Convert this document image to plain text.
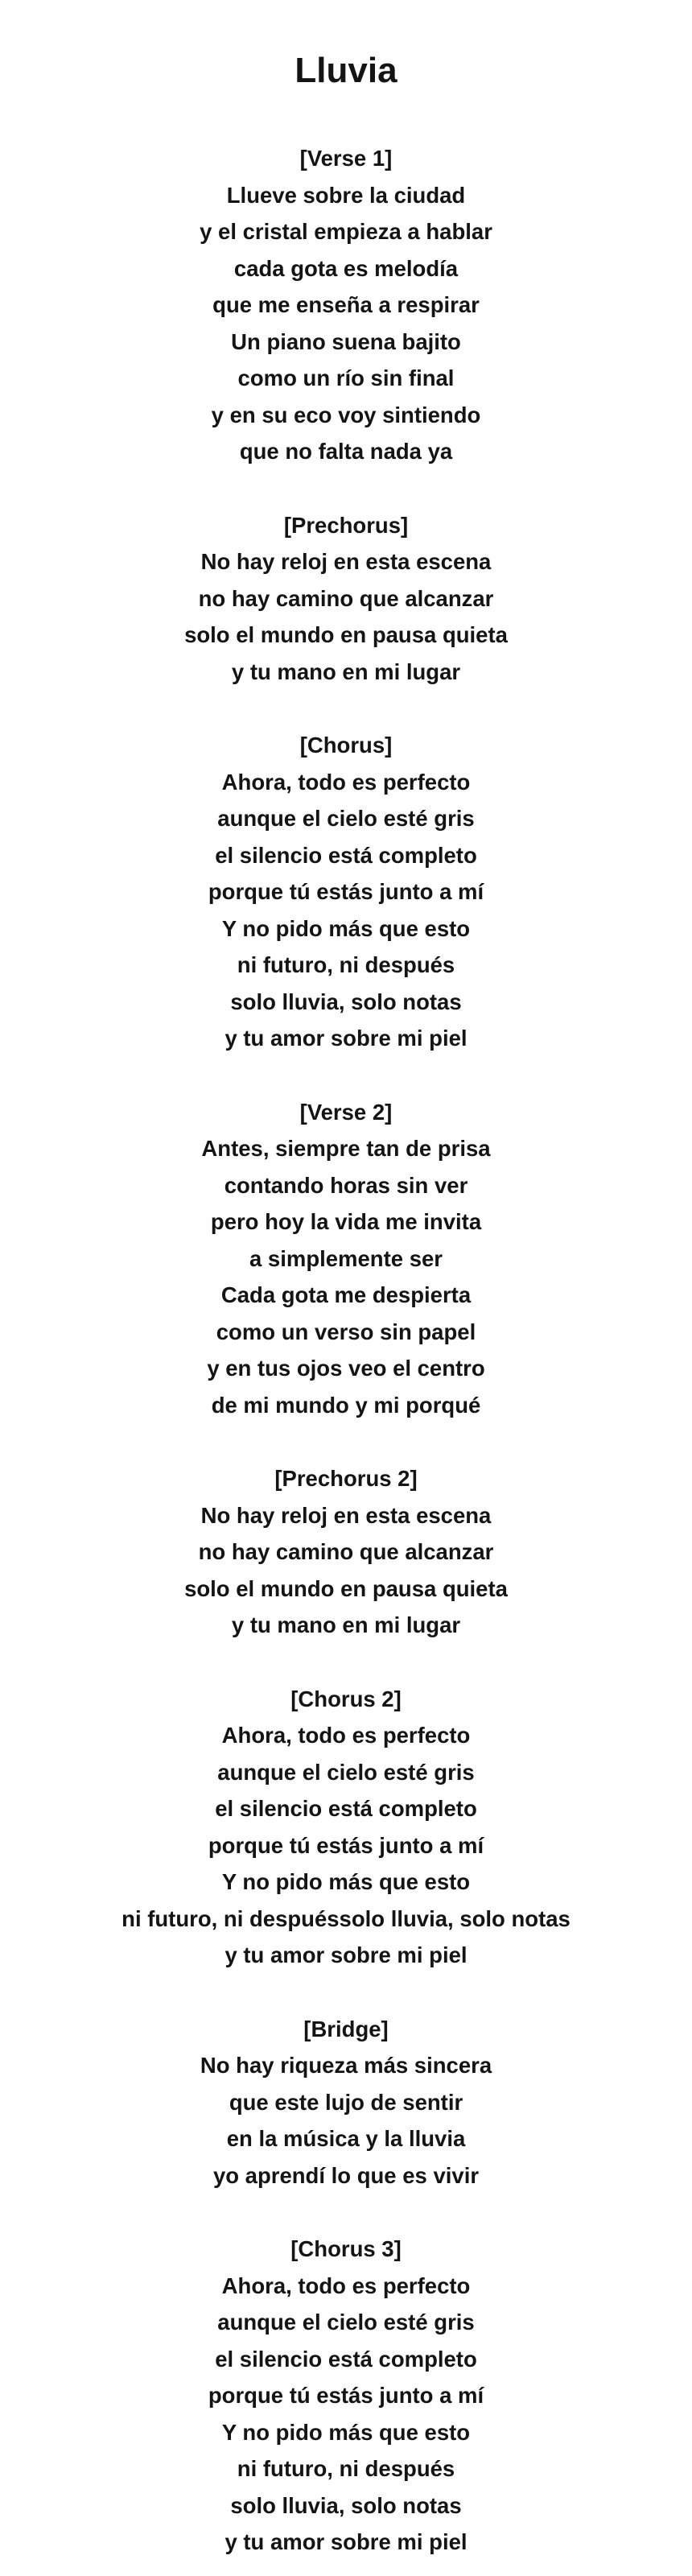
Lluvia

[Verse 1]

Llueve sobre la ciudad

y el cristal empieza a hablar

cada gota es melodía

que me enseña a respirar

Un piano suena bajito

como un río sin final

y en su eco voy sintiendo

que no falta nada ya

[Prechorus]

No hay reloj en esta escena

no hay camino que alcanzar

solo el mundo en pausa quieta

y tu mano en mi lugar

[Chorus]

Ahora, todo es perfecto

aunque el cielo esté gris

el silencio está completo

porque tú estás junto a mí

Y no pido más que esto

ni futuro, ni después

solo lluvia, solo notas

y tu amor sobre mi piel

[Verse 2]

Antes, siempre tan de prisa

contando horas sin ver

pero hoy la vida me invita

a simplemente ser

Cada gota me despierta

como un verso sin papel

y en tus ojos veo el centro

de mi mundo y mi porqué

[Prechorus 2]

No hay reloj en esta escena

no hay camino que alcanzar

solo el mundo en pausa quieta

y tu mano en mi lugar

[Chorus 2]

Ahora, todo es perfecto

aunque el cielo esté gris

el silencio está completo

porque tú estás junto a mí

Y no pido más que esto

ni futuro, ni despuéssolo lluvia, solo notas

y tu amor sobre mi piel

[Bridge]

No hay riqueza más sincera

que este lujo de sentir

en la música y la lluvia

yo aprendí lo que es vivir

[Chorus 3]

Ahora, todo es perfecto

aunque el cielo esté gris

el silencio está completo

porque tú estás junto a mí

Y no pido más que esto

ni futuro, ni después

solo lluvia, solo notas

y tu amor sobre mi piel
